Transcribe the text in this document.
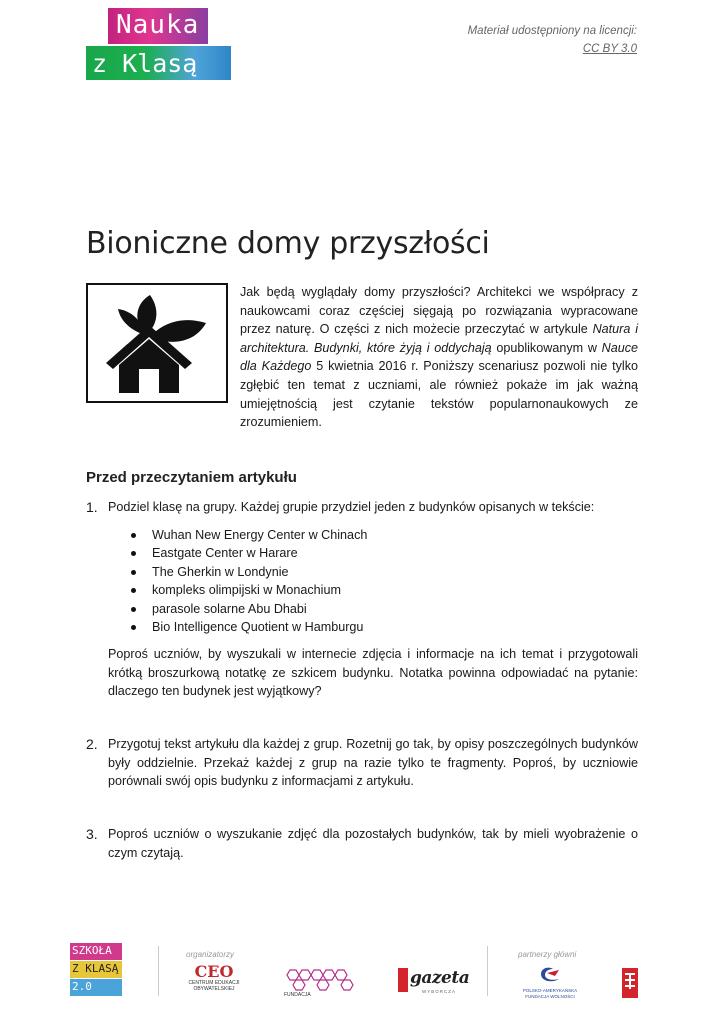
Nauka
z Klasą 2.0
Materiał udostępniony na licencji:
CC BY 3.0
Bioniczne domy przyszłości
Jak będą wyglądały domy przyszłości? Architekci we współpracy z naukowcami coraz częściej sięgają po rozwiązania wypracowane przez naturę. O części z nich możecie przeczytać w artykule Natura i architektura. Budynki, które żyją i oddychają opublikowanym w Nauce dla Każdego 5 kwietnia 2016 r. Poniższy scenariusz pozwoli nie tylko zgłębić ten temat z uczniami, ale również pokaże im jak ważną umiejętnością jest czytanie tekstów popularnonaukowych ze zrozumieniem.
Przed przeczytaniem artykułu
1. Podziel klasę na grupy. Każdej grupie przydziel jeden z budynków opisanych w tekście:
Wuhan New Energy Center w Chinach
Eastgate Center w Harare
The Gherkin w Londynie
kompleks olimpijski w Monachium
parasole solarne Abu Dhabi
Bio Intelligence Quotient w Hamburgu
Poproś uczniów, by wyszukali w internecie zdjęcia i informacje na ich temat i przygotowali krótką broszurkową notatkę ze szkicem budynku. Notatka powinna odpowiadać na pytanie: dlaczego ten budynek jest wyjątkowy?
2. Przygotuj tekst artykułu dla każdej z grup. Rozetnij go tak, by opisy poszczególnych budynków były oddzielnie. Przekaż każdej z grup na razie tylko te fragmenty. Poproś, by uczniowie porównali swój opis budynku z informacjami z artykułu.
3. Poproś uczniów o wyszukanie zdjęć dla pozostałych budynków, tak by mieli wyobrażenie o czym czytają.
SZKOŁA
Z KLASĄ
2.0
organizatorzy
CEO
CENTRUM EDUKACJI
OBYWATELSKIEJ
FUNDACJA
gazeta
WYBORCZA
partnerzy główni
POLSKO-AMERYKAŃSKA
FUNDACJA WOLNOŚCI
